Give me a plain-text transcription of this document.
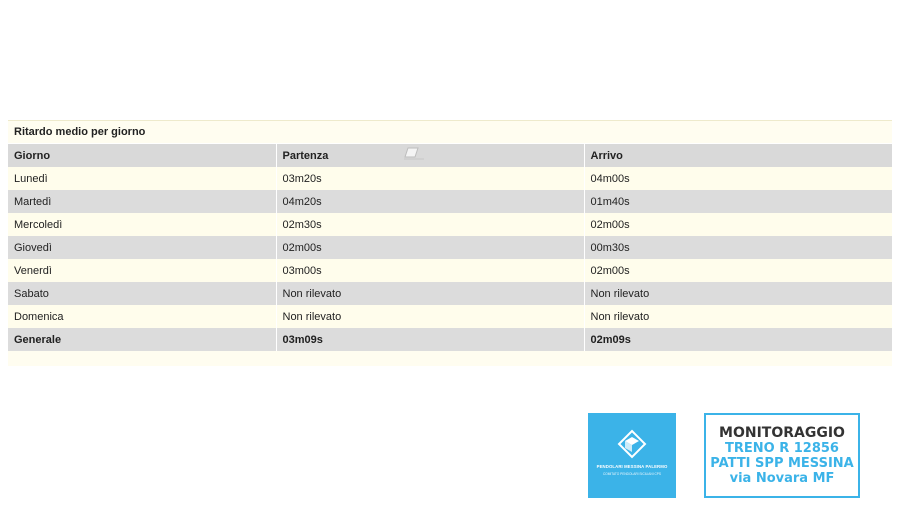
Ritardo medio per giorno		
Giorno	Partenza	Arrivo
Lunedì	03m20s	04m00s
Martedì	04m20s	01m40s
Mercoledì	02m30s	02m00s
Giovedì	02m00s	00m30s
Venerdì	03m00s	02m00s
Sabato	Non rilevato	Non rilevato
Domenica	Non rilevato	Non rilevato
Generale	03m09s	02m09s
PENDOLARI MESSINA PALERMO
COMITATO PENDOLARI SICILIANI CPS
MONITORAGGIO
TRENO R 12856
PATTI SPP MESSINA
via Novara MF
